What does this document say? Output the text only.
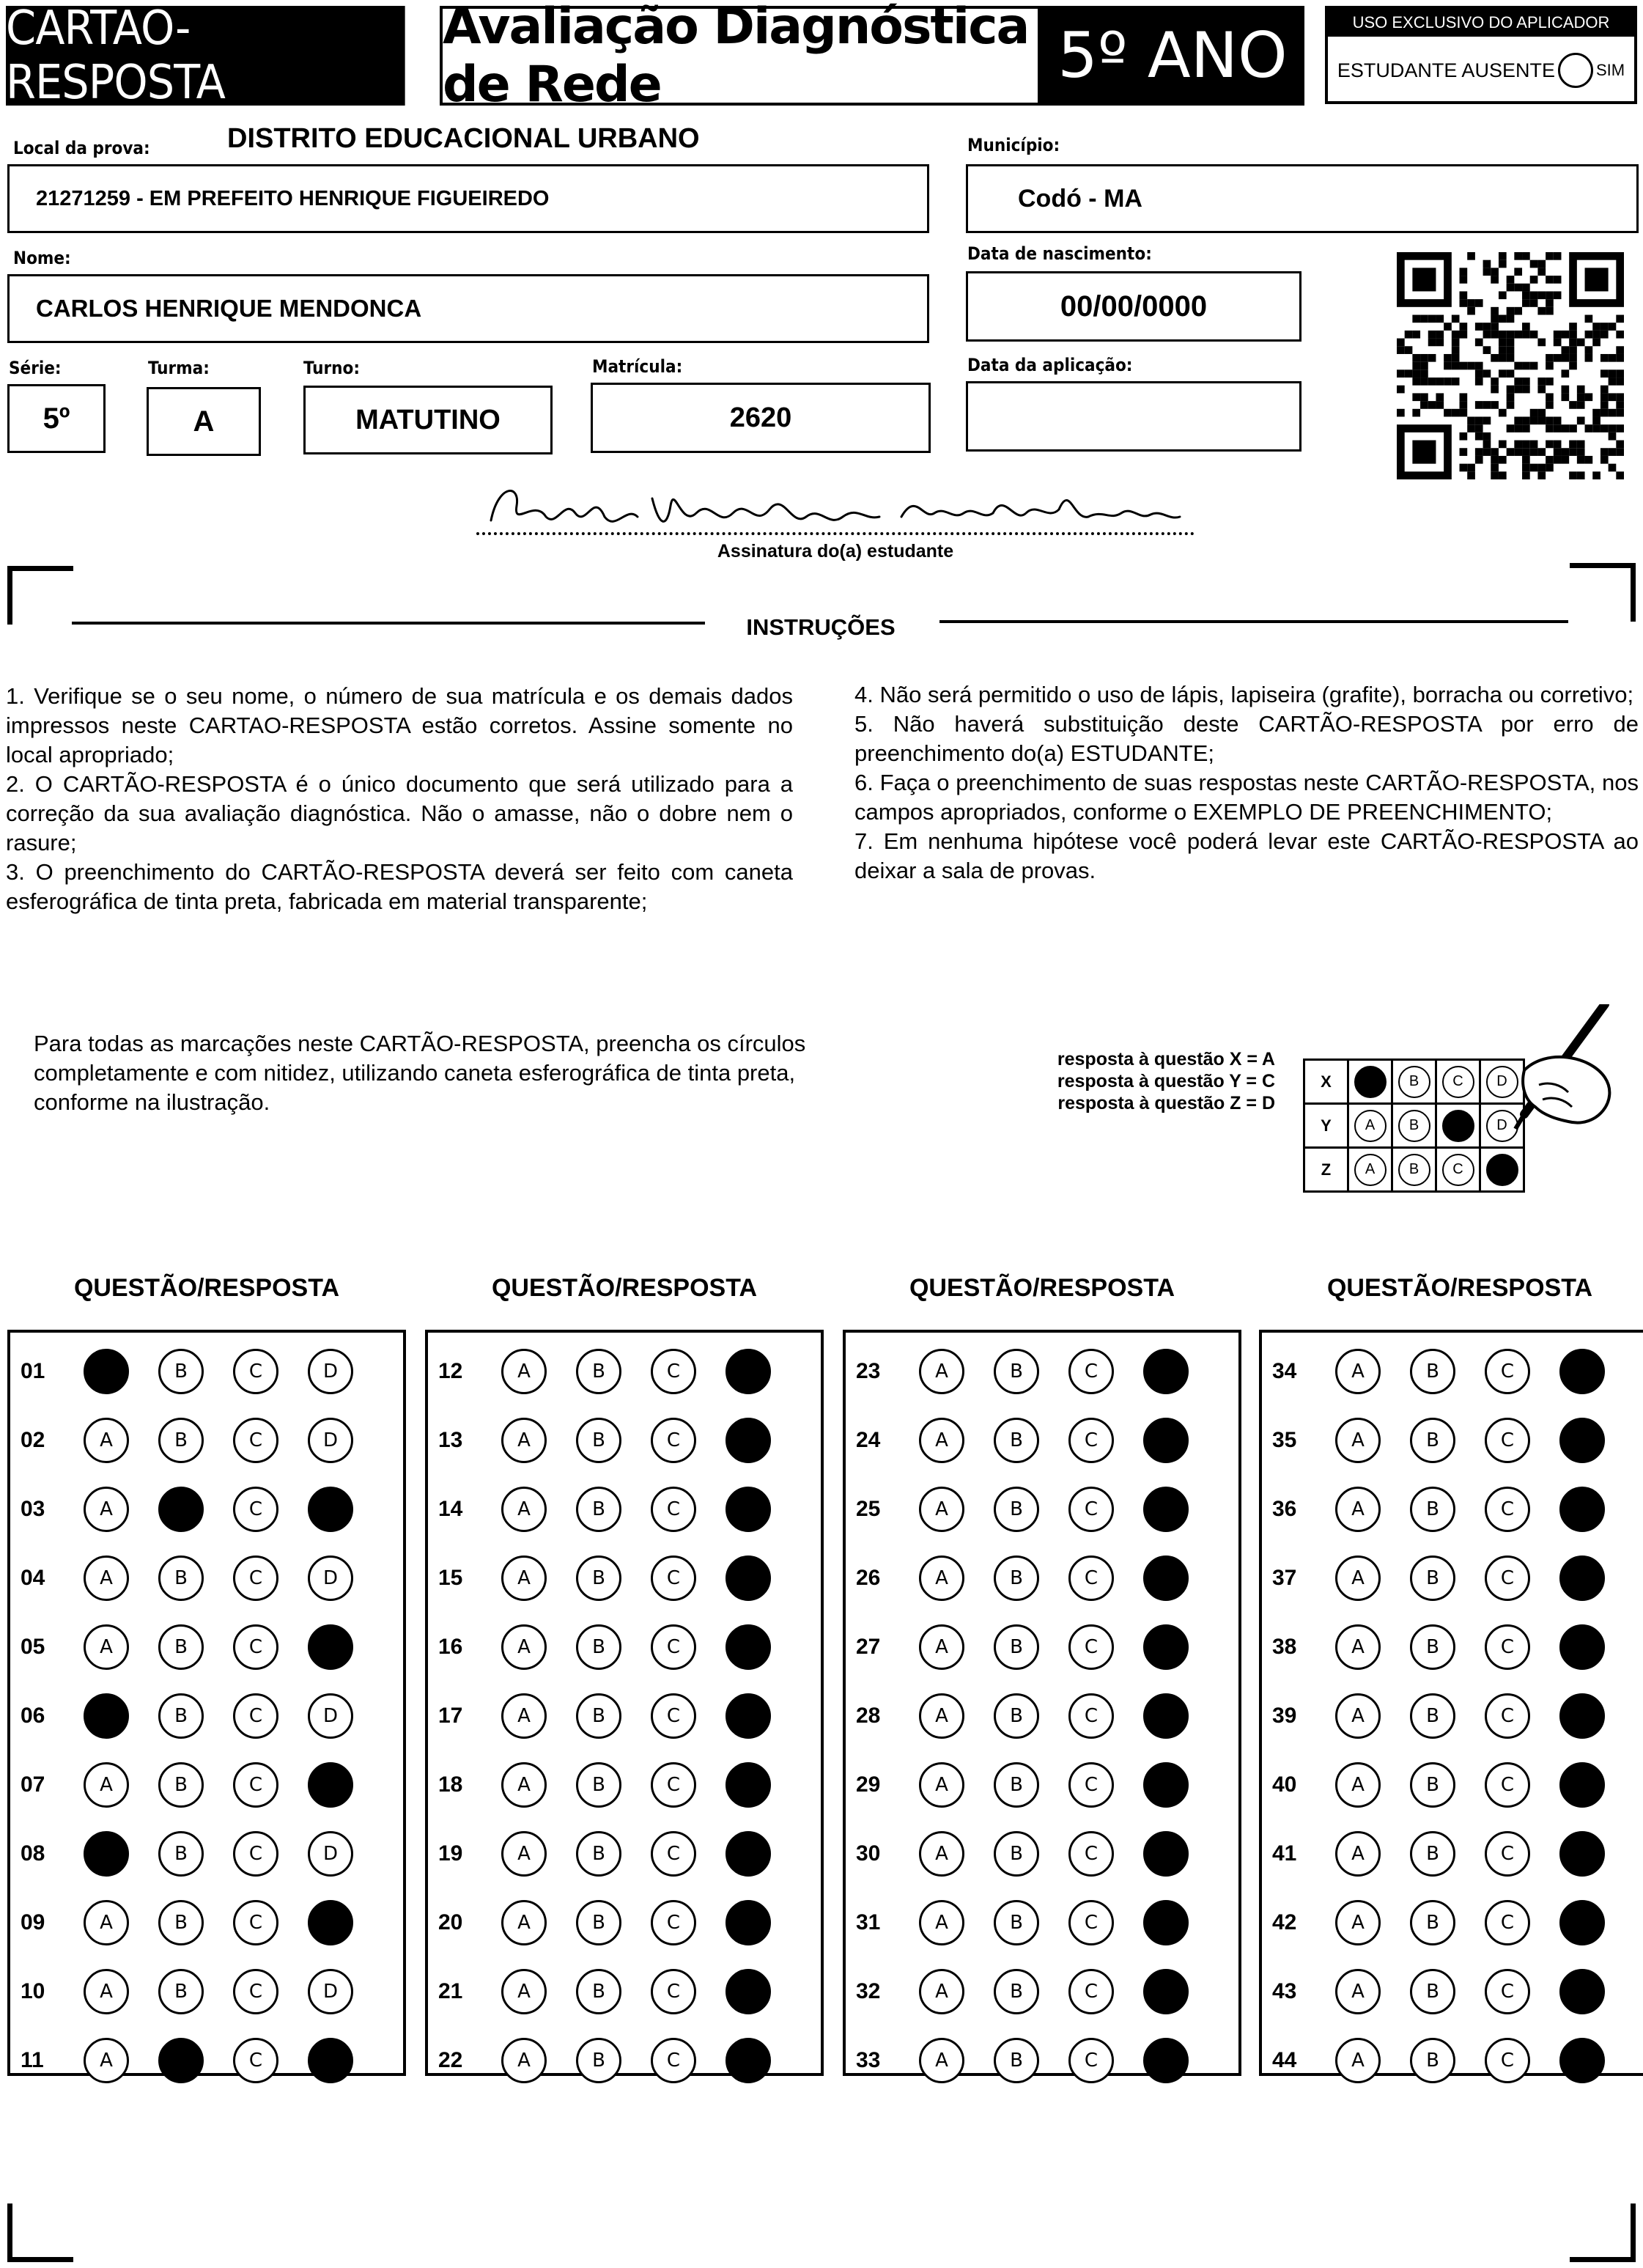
CARTÃO-RESPOSTA
Avaliação Diagnóstica de Rede	5º ANO	USO EXCLUSIVO DO APLICADOR
ESTUDANTE AUSENTE	SIM
Local da prova:	DISTRITO EDUCACIONAL URBANO	Município:
21271259 - EM PREFEITO HENRIQUE FIGUEIREDO	Codó - MA
Nome:	Data de nascimento:
CARLOS HENRIQUE MENDONCA	00/00/0000
Série:	Turma:	Turno:	Matrícula:	Data da aplicação:
5º	A	MATUTINO	2620
Assinatura do(a) estudante
INSTRUÇÕES
1. Verifique se o seu nome, o número de sua matrícula e os demais dados impressos neste CARTAO-RESPOSTA estão corretos. Assine somente no local apropriado;
2. O CARTÃO-RESPOSTA é o único documento que será utilizado para a correção da sua avaliação diagnóstica. Não o amasse, não o dobre nem o rasure;
3. O preenchimento do CARTÃO-RESPOSTA deverá ser feito com caneta esferográfica de tinta preta, fabricada em material transparente;
4. Não será permitido o uso de lápis, lapiseira (grafite), borracha ou corretivo;
5. Não haverá substituição deste CARTÃO-RESPOSTA por erro de preenchimento do(a) ESTUDANTE;
6. Faça o preenchimento de suas respostas neste CARTÃO-RESPOSTA, nos campos apropriados, conforme o EXEMPLO DE PREENCHIMENTO;
7. Em nenhuma hipótese você poderá levar este CARTÃO-RESPOSTA ao deixar a sala de provas.
Para todas as marcações neste CARTÃO-RESPOSTA, preencha os círculos completamente e com nitidez, utilizando caneta esferográfica de tinta preta, conforme na ilustração.
resposta à questão X = A
resposta à questão Y = C
resposta à questão Z = D
X	A	B	C	D
Y	A	B	C	D
Z	A	B	C	D
QUESTÃO/RESPOSTA	QUESTÃO/RESPOSTA	QUESTÃO/RESPOSTA	QUESTÃO/RESPOSTA
01	A	B	C	D
02	A	B	C	D
03	A	B	C	D
04	A	B	C	D
05	A	B	C	D
06	A	B	C	D
07	A	B	C	D
08	A	B	C	D
09	A	B	C	D
10	A	B	C	D
11	A	B	C	D
12	A	B	C	D
13	A	B	C	D
14	A	B	C	D
15	A	B	C	D
16	A	B	C	D
17	A	B	C	D
18	A	B	C	D
19	A	B	C	D
20	A	B	C	D
21	A	B	C	D
22	A	B	C	D
23	A	B	C	D
24	A	B	C	D
25	A	B	C	D
26	A	B	C	D
27	A	B	C	D
28	A	B	C	D
29	A	B	C	D
30	A	B	C	D
31	A	B	C	D
32	A	B	C	D
33	A	B	C	D
34	A	B	C	D
35	A	B	C	D
36	A	B	C	D
37	A	B	C	D
38	A	B	C	D
39	A	B	C	D
40	A	B	C	D
41	A	B	C	D
42	A	B	C	D
43	A	B	C	D
44	A	B	C	D
